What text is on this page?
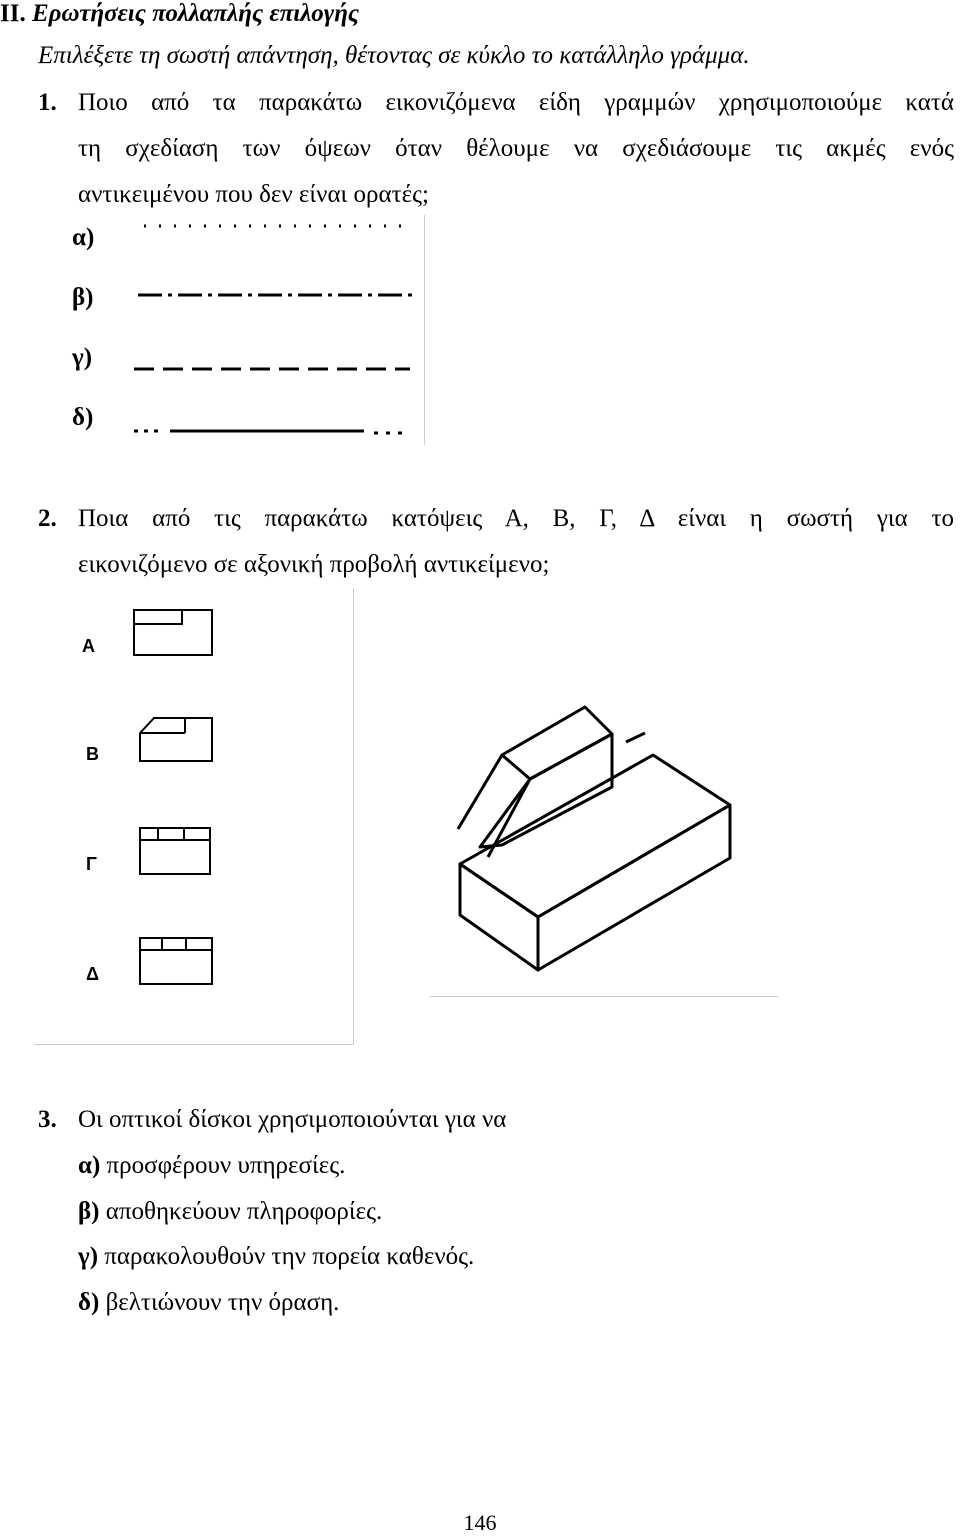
ΙΙ. Ερωτήσεις πολλαπλής επιλογής
Επιλέξετε τη σωστή απάντηση, θέτοντας σε κύκλο το κατάλληλο γράμμα.
1. Ποιο από τα παρακάτω εικονιζόμενα είδη γραμμών χρησιμοποιούμε κατά
τη σχεδίαση των όψεων όταν θέλουμε να σχεδιάσουμε τις ακμές ενός
αντικειμένου που δεν είναι ορατές;
α)
β)
γ)
δ)
2. Ποια από τις παρακάτω κατόψεις Α, Β, Γ, Δ είναι η σωστή για το
εικονιζόμενο σε αξονική προβολή αντικείμενο;
A
B
Γ
Δ
3. Οι οπτικοί δίσκοι χρησιμοποιούνται για να
α) προσφέρουν υπηρεσίες.
β) αποθηκεύουν πληροφορίες.
γ) παρακολουθούν την πορεία καθενός.
δ) βελτιώνουν την όραση.
146
